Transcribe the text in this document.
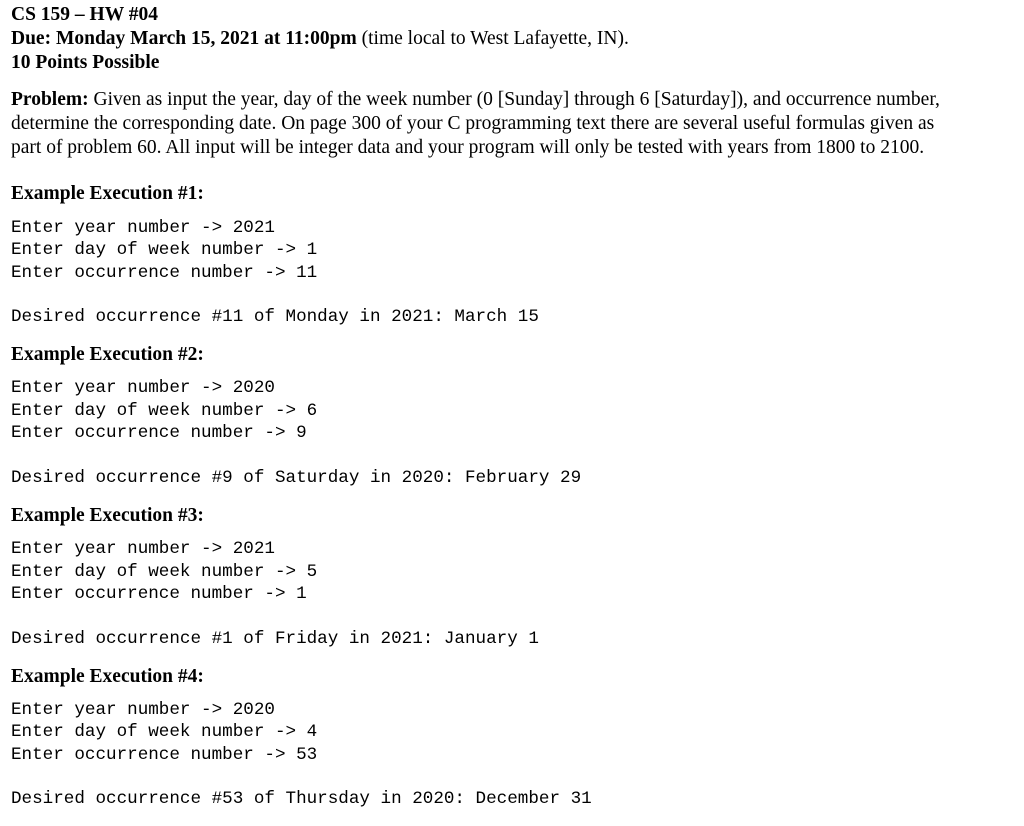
CS 159 – HW #04
Due: Monday March 15, 2021 at 11:00pm (time local to West Lafayette, IN).
10 Points Possible
Problem: Given as input the year, day of the week number (0 [Sunday] through 6 [Saturday]), and occurrence number,
determine the corresponding date. On page 300 of your C programming text there are several useful formulas given as
part of problem 60. All input will be integer data and your program will only be tested with years from 1800 to 2100.
Example Execution #1:
Enter year number -> 2021
Enter day of week number -> 1
Enter occurrence number -> 11
Desired occurrence #11 of Monday in 2021: March 15
Example Execution #2:
Enter year number -> 2020
Enter day of week number -> 6
Enter occurrence number -> 9
Desired occurrence #9 of Saturday in 2020: February 29
Example Execution #3:
Enter year number -> 2021
Enter day of week number -> 5
Enter occurrence number -> 1
Desired occurrence #1 of Friday in 2021: January 1
Example Execution #4:
Enter year number -> 2020
Enter day of week number -> 4
Enter occurrence number -> 53
Desired occurrence #53 of Thursday in 2020: December 31
